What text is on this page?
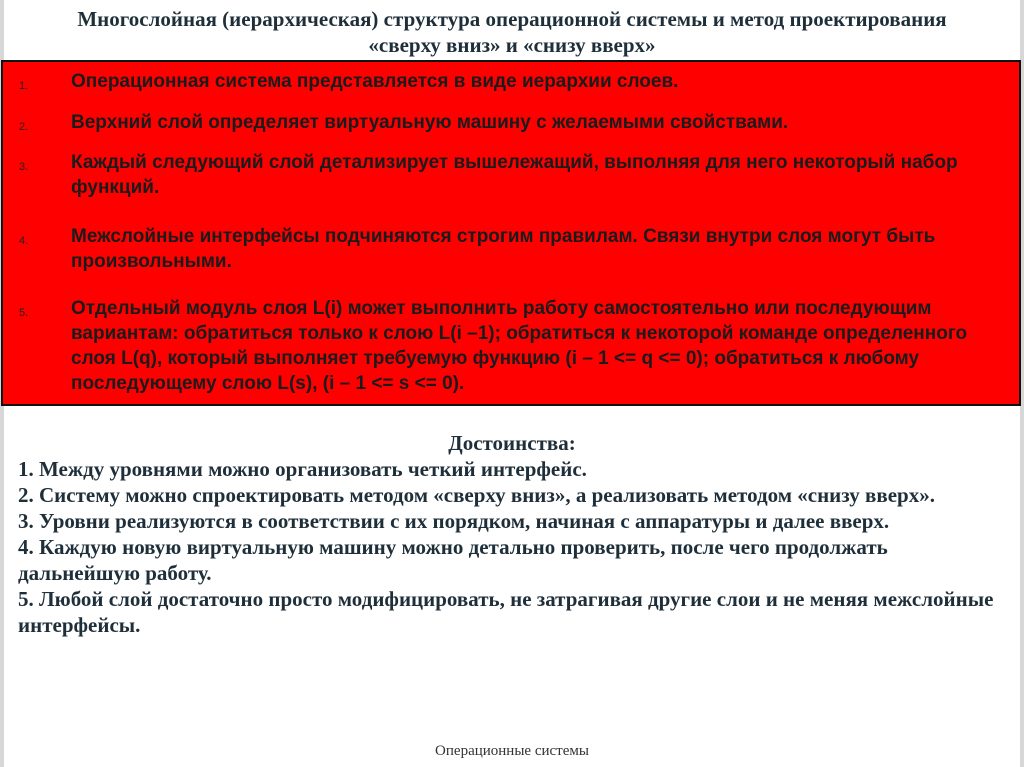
Многослойная (иерархическая) структура операционной системы и метод проектирования «сверху вниз» и «снизу вверх»
1. Операционная система представляется в виде иерархии слоев.
2. Верхний слой определяет виртуальную машину с желаемыми свойствами.
3. Каждый следующий слой детализирует вышележащий, выполняя для него некоторый набор функций.
4. Межслойные интерфейсы подчиняются строгим правилам. Связи внутри слоя могут быть произвольными.
5. Отдельный модуль слоя L(i) может выполнить работу самостоятельно или последующим вариантам: обратиться только к слою L(i –1); обратиться к некоторой команде определенного слоя L(q), который выполняет требуемую функцию (i – 1 <= q <= 0); обратиться к любому последующему слою L(s), (i – 1 <= s <= 0).
Достоинства:
1. Между уровнями можно организовать четкий интерфейс.
2. Систему можно спроектировать методом «сверху вниз», а реализовать методом «снизу вверх».
3. Уровни реализуются в соответствии с их порядком, начиная с аппаратуры и далее вверх.
4. Каждую новую виртуальную машину можно детально проверить, после чего продолжать дальнейшую работу.
5. Любой слой достаточно просто модифицировать, не затрагивая другие слои и не меняя межслойные интерфейсы.
Операционные системы
